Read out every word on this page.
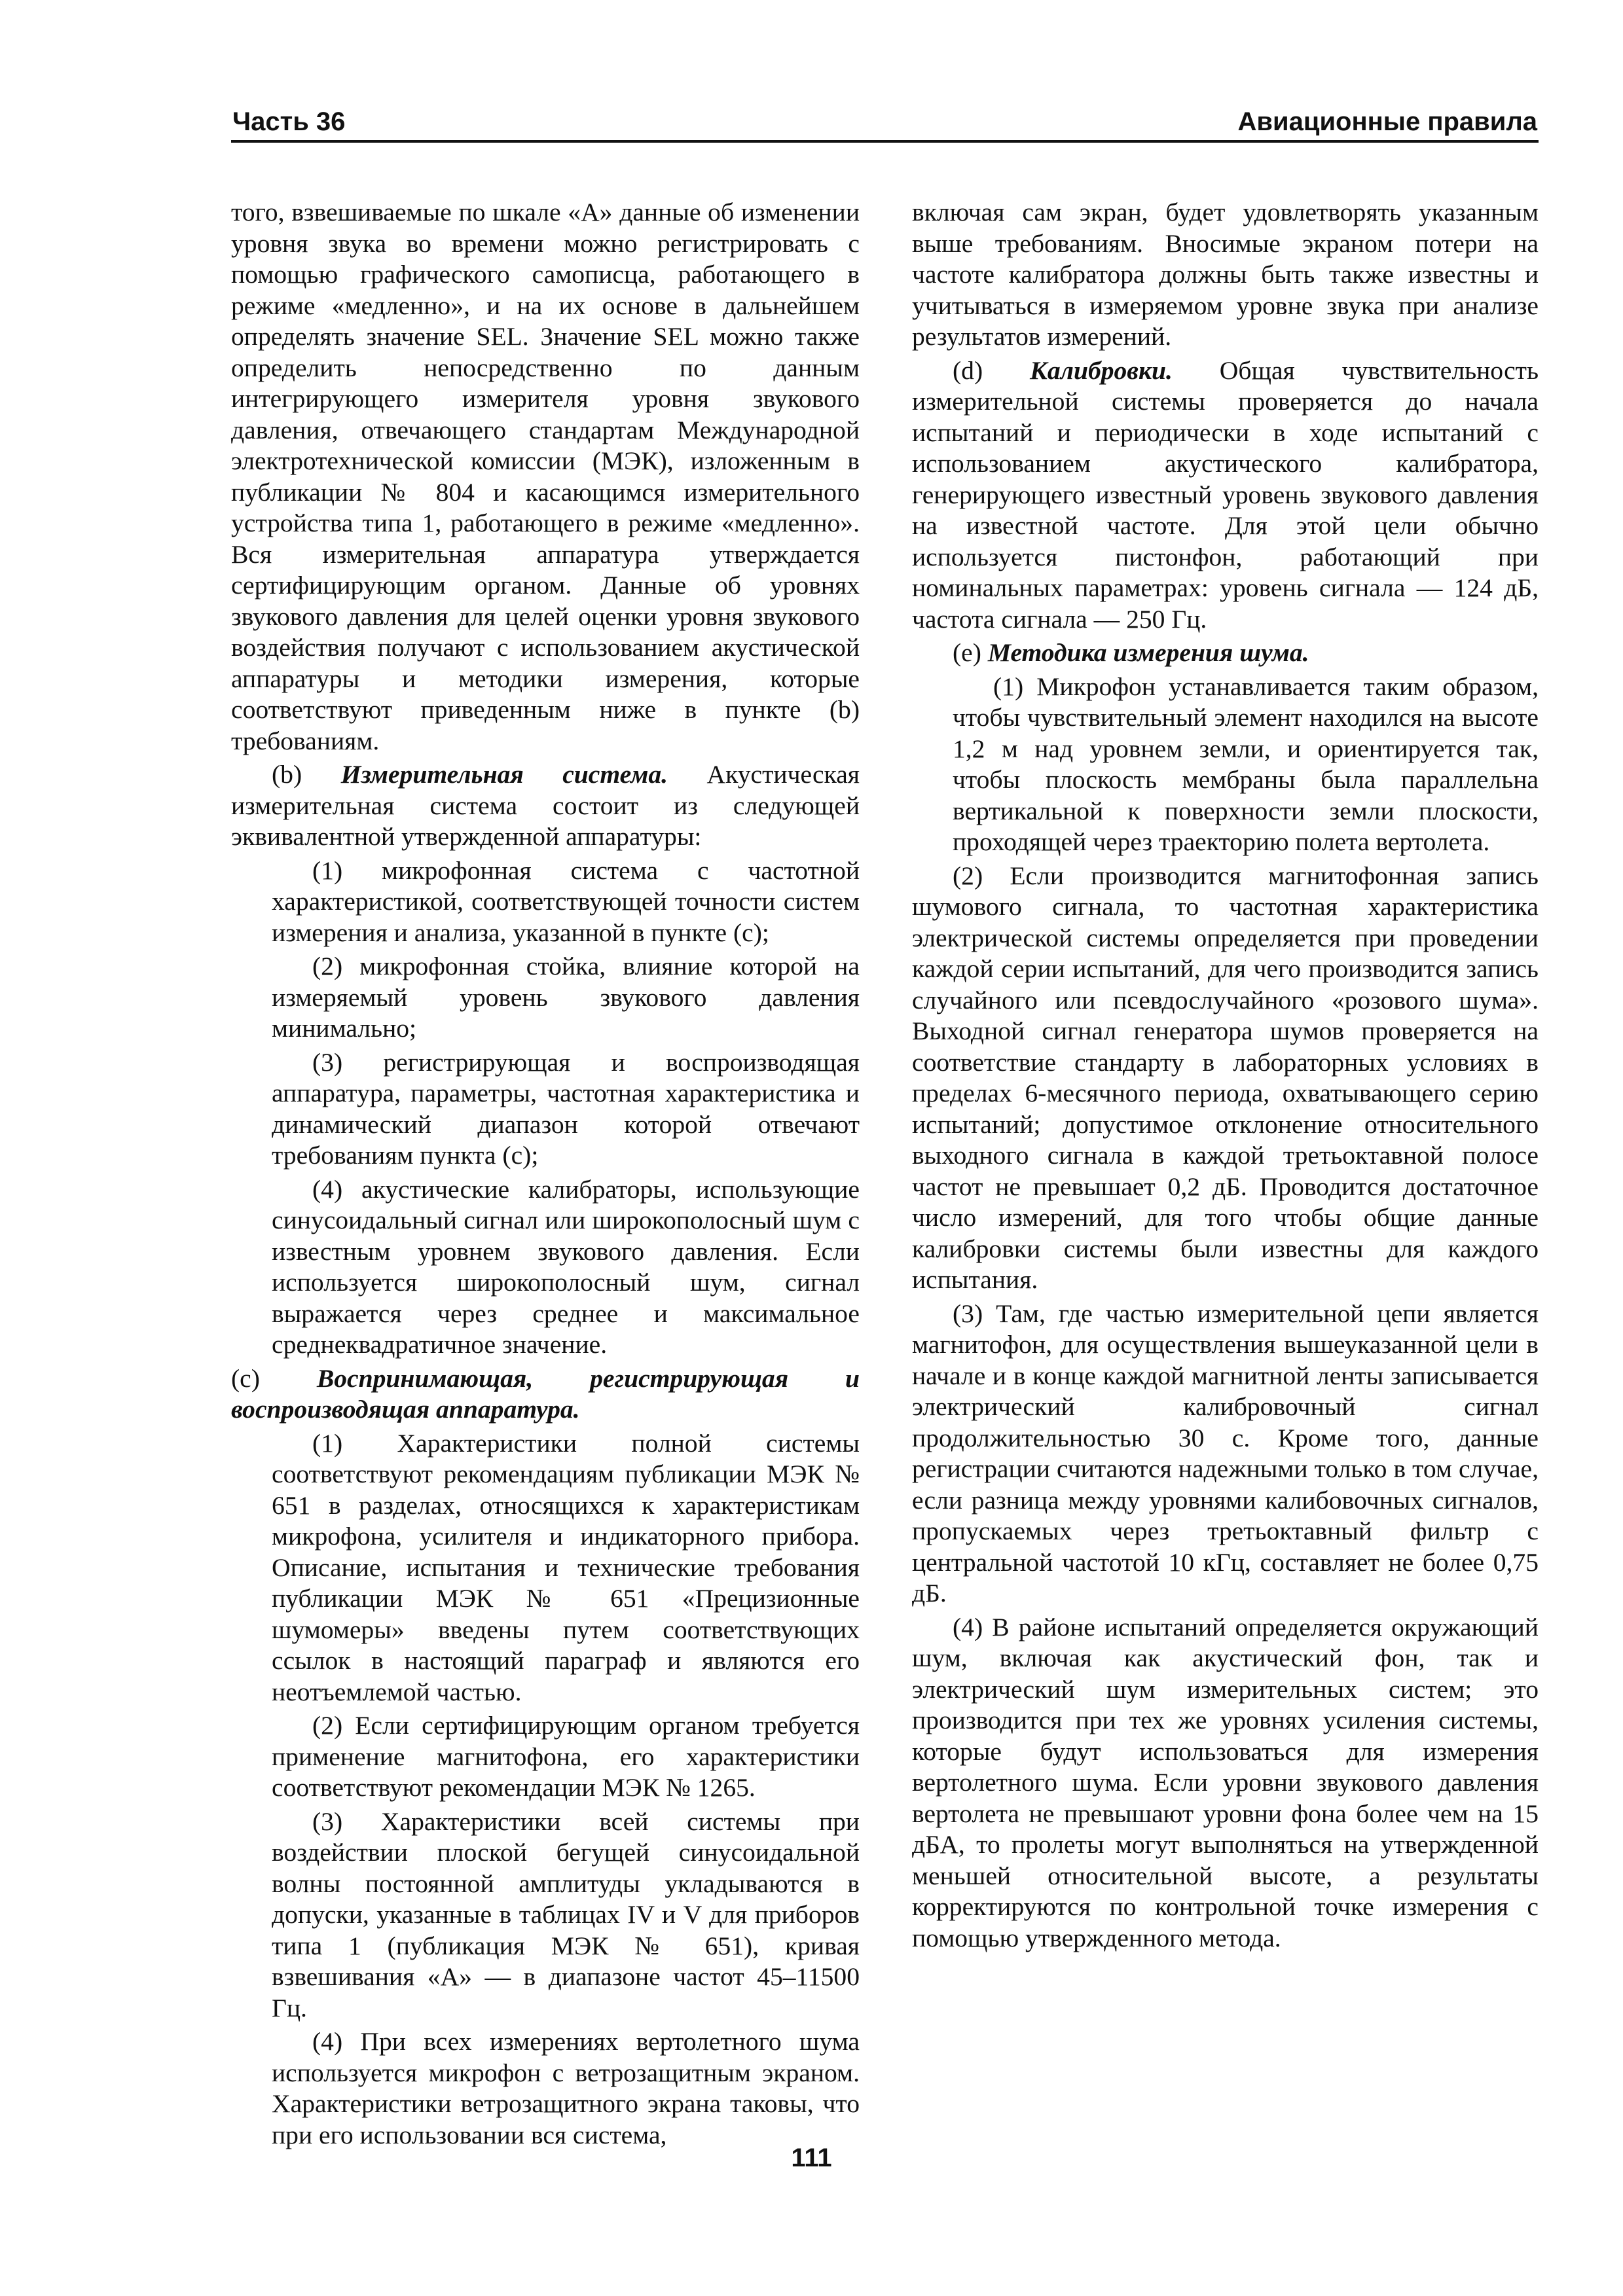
Часть 36	Авиационные правила

того, взвешиваемые по шкале «А» данные об изменении уровня звука во времени можно регистрировать с помощью графического самописца, работающего в режиме «медленно», и на их основе в дальнейшем определять значение SEL. Значение SEL можно также определить непосредственно по данным интегрирующего измерителя уровня звукового давления, отвечающего стандартам Международной электротехнической комиссии (МЭК), изложенным в публикации № 804 и касающимся измерительного устройства типа 1, работающего в режиме «медленно». Вся измерительная аппаратура утверждается сертифицирующим органом. Данные об уровнях звукового давления для целей оценки уровня звукового воздействия получают с использованием акустической аппаратуры и методики измерения, которые соответствуют приведенным ниже в пункте (b) требованиям.

(b) Измерительная система. Акустическая измерительная система состоит из следующей эквивалентной утвержденной аппаратуры:

(1) микрофонная система с частотной характеристикой, соответствующей точности систем измерения и анализа, указанной в пункте (с);

(2) микрофонная стойка, влияние которой на измеряемый уровень звукового давления минимально;

(3) регистрирующая и воспроизводящая аппаратура, параметры, частотная характеристика и динамический диапазон которой отвечают требованиям пункта (с);

(4) акустические калибраторы, использующие синусоидальный сигнал или широкополосный шум с известным уровнем звукового давления. Если используется широкополосный шум, сигнал выражается через среднее и максимальное среднеквадратичное значение.

(с) Воспринимающая, регистрирующая и воспроизводящая аппаратура.

(1) Характеристики полной системы соответствуют рекомендациям публикации МЭК № 651 в разделах, относящихся к характеристикам микрофона, усилителя и индикаторного прибора. Описание, испытания и технические требования публикации МЭК № 651 «Прецизионные шумомеры» введены путем соответствующих ссылок в настоящий параграф и являются его неотъемлемой частью.

(2) Если сертифицирующим органом требуется применение магнитофона, его характеристики соответствуют рекомендации МЭК № 1265.

(3) Характеристики всей системы при воздействии плоской бегущей синусоидальной волны постоянной амплитуды укладываются в допуски, указанные в таблицах IV и V для приборов типа 1 (публикация МЭК № 651), кривая взвешивания «А» — в диапазоне частот 45–11500 Гц.

(4) При всех измерениях вертолетного шума используется микрофон с ветрозащитным экраном. Характеристики ветрозащитного экрана таковы, что при его использовании вся система,

включая сам экран, будет удовлетворять указанным выше требованиям. Вносимые экраном потери на частоте калибратора должны быть также известны и учитываться в измеряемом уровне звука при анализе результатов измерений.

(d) Калибровки. Общая чувствительность измерительной системы проверяется до начала испытаний и периодически в ходе испытаний с использованием акустического калибратора, генерирующего известный уровень звукового давления на известной частоте. Для этой цели обычно используется пистонфон, работающий при номинальных параметрах: уровень сигнала — 124 дБ, частота сигнала — 250 Гц.

(е) Методика измерения шума.

(1) Микрофон устанавливается таким образом, чтобы чувствительный элемент находился на высоте 1,2 м над уровнем земли, и ориентируется так, чтобы плоскость мембраны была параллельна вертикальной к поверхности земли плоскости, проходящей через траекторию полета вертолета.

(2) Если производится магнитофонная запись шумового сигнала, то частотная характеристика электрической системы определяется при проведении каждой серии испытаний, для чего производится запись случайного или псевдослучайного «розового шума». Выходной сигнал генератора шумов проверяется на соответствие стандарту в лабораторных условиях в пределах 6-месячного периода, охватывающего серию испытаний; допустимое отклонение относительного выходного сигнала в каждой третьоктавной полосе частот не превышает 0,2 дБ. Проводится достаточное число измерений, для того чтобы общие данные калибровки системы были известны для каждого испытания.

(3) Там, где частью измерительной цепи является магнитофон, для осуществления вышеуказанной цели в начале и в конце каждой магнитной ленты записывается электрический калибровочный сигнал продолжительностью 30 с. Кроме того, данные регистрации считаются надежными только в том случае, если разница между уровнями калибовочных сигналов, пропускаемых через третьоктавный фильтр с центральной частотой 10 кГц, составляет не более 0,75 дБ.

(4) В районе испытаний определяется окружающий шум, включая как акустический фон, так и электрический шум измерительных систем; это производится при тех же уровнях усиления системы, которые будут использоваться для измерения вертолетного шума. Если уровни звукового давления вертолета не превышают уровни фона более чем на 15 дБА, то пролеты могут выполняться на утвержденной меньшей относительной высоте, а результаты корректируются по контрольной точке измерения с помощью утвержденного метода.

111
